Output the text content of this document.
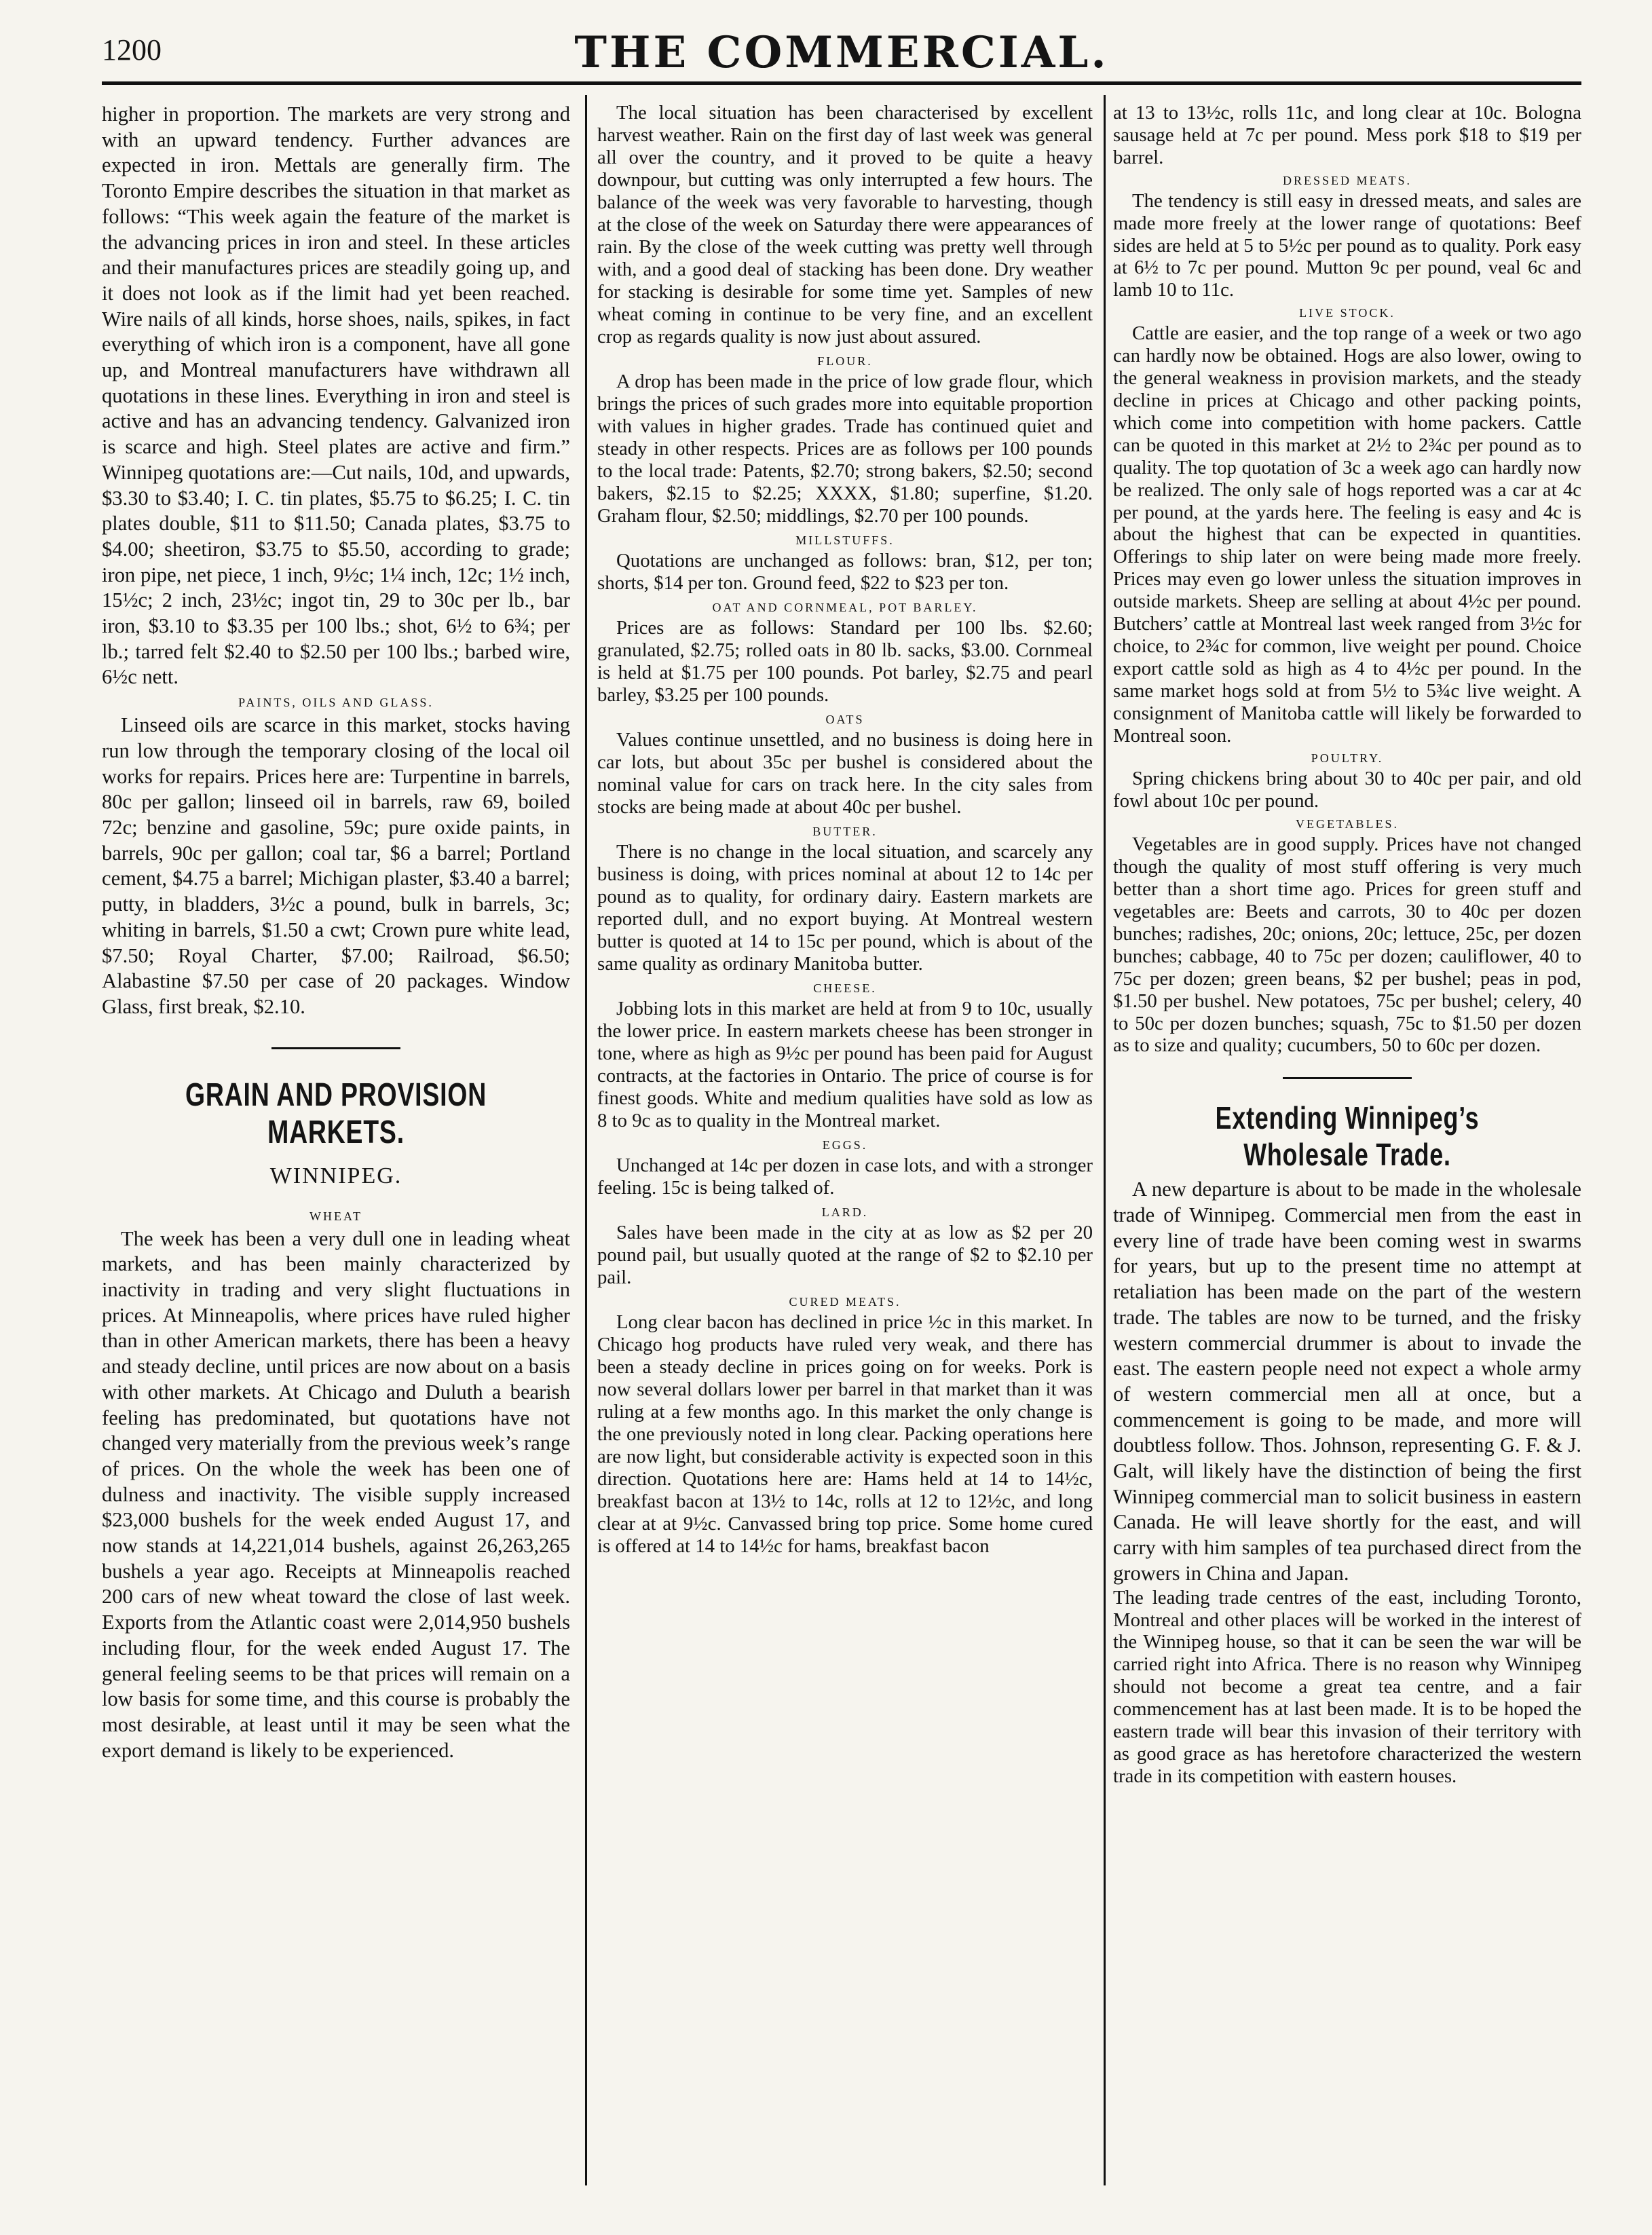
1200	THE COMMERCIAL.

higher in proportion. The markets are very strong and with an upward tendency. Further advances are expected in iron. Mettals are generally firm. The Toronto Empire describes the situation in that market as follows: “This week again the feature of the market is the advancing prices in iron and steel. In these articles and their manufactures prices are steadily going up, and it does not look as if the limit had yet been reached. Wire nails of all kinds, horse shoes, nails, spikes, in fact everything of which iron is a component, have all gone up, and Montreal manufacturers have withdrawn all quotations in these lines. Everything in iron and steel is active and has an advancing tendency. Galvanized iron is scarce and high. Steel plates are active and firm.” Winnipeg quotations are:—Cut nails, 10d, and upwards, $3.30 to $3.40; I. C. tin plates, $5.75 to $6.25; I. C. tin plates double, $11 to $11.50; Canada plates, $3.75 to $4.00; sheetiron, $3.75 to $5.50, according to grade; iron pipe, net piece, 1 inch, 9½c; 1¼ inch, 12c; 1½ inch, 15½c; 2 inch, 23½c; ingot tin, 29 to 30c per lb., bar iron, $3.10 to $3.35 per 100 lbs.; shot, 6½ to 6¾; per lb.; tarred felt $2.40 to $2.50 per 100 lbs.; barbed wire, 6½c nett.

PAINTS, OILS AND GLASS.

Linseed oils are scarce in this market, stocks having run low through the temporary closing of the local oil works for repairs. Prices here are: Turpentine in barrels, 80c per gallon; linseed oil in barrels, raw 69, boiled 72c; benzine and gasoline, 59c; pure oxide paints, in barrels, 90c per gallon; coal tar, $6 a barrel; Portland cement, $4.75 a barrel; Michigan plaster, $3.40 a barrel; putty, in bladders, 3½c a pound, bulk in barrels, 3c; whiting in barrels, $1.50 a cwt; Crown pure white lead, $7.50; Royal Charter, $7.00; Railroad, $6.50; Alabastine $7.50 per case of 20 packages. Window Glass, first break, $2.10.

GRAIN AND PROVISION MARKETS.
WINNIPEG.
WHEAT

The week has been a very dull one in leading wheat markets, and has been mainly characterized by inactivity in trading and very slight fluctuations in prices. At Minneapolis, where prices have ruled higher than in other American markets, there has been a heavy and steady decline, until prices are now about on a basis with other markets. At Chicago and Duluth a bearish feeling has predominated, but quotations have not changed very materially from the previous week’s range of prices. On the whole the week has been one of dulness and inactivity. The visible supply increased $23,000 bushels for the week ended August 17, and now stands at 14,221,014 bushels, against 26,263,265 bushels a year ago. Receipts at Minneapolis reached 200 cars of new wheat toward the close of last week. Exports from the Atlantic coast were 2,014,950 bushels including flour, for the week ended August 17. The general feeling seems to be that prices will remain on a low basis for some time, and this course is probably the most desirable, at least until it may be seen what the export demand is likely to be experienced.

The local situation has been characterised by excellent harvest weather. Rain on the first day of last week was general all over the country, and it proved to be quite a heavy downpour, but cutting was only interrupted a few hours. The balance of the week was very favorable to harvesting, though at the close of the week on Saturday there were appearances of rain. By the close of the week cutting was pretty well through with, and a good deal of stacking has been done. Dry weather for stacking is desirable for some time yet. Samples of new wheat coming in continue to be very fine, and an excellent crop as regards quality is now just about assured.

FLOUR.

A drop has been made in the price of low grade flour, which brings the prices of such grades more into equitable proportion with values in higher grades. Trade has continued quiet and steady in other respects. Prices are as follows per 100 pounds to the local trade: Patents, $2.70; strong bakers, $2.50; second bakers, $2.15 to $2.25; XXXX, $1.80; superfine, $1.20. Graham flour, $2.50; middlings, $2.70 per 100 pounds.

MILLSTUFFS.

Quotations are unchanged as follows: bran, $12, per ton; shorts, $14 per ton. Ground feed, $22 to $23 per ton.

OAT AND CORNMEAL, POT BARLEY.

Prices are as follows: Standard per 100 lbs. $2.60; granulated, $2.75; rolled oats in 80 lb. sacks, $3.00. Cornmeal is held at $1.75 per 100 pounds. Pot barley, $2.75 and pearl barley, $3.25 per 100 pounds.

OATS

Values continue unsettled, and no business is doing here in car lots, but about 35c per bushel is considered about the nominal value for cars on track here. In the city sales from stocks are being made at about 40c per bushel.

BUTTER.

There is no change in the local situation, and scarcely any business is doing, with prices nominal at about 12 to 14c per pound as to quality, for ordinary dairy. Eastern markets are reported dull, and no export buying. At Montreal western butter is quoted at 14 to 15c per pound, which is about of the same quality as ordinary Manitoba butter.

CHEESE.

Jobbing lots in this market are held at from 9 to 10c, usually the lower price. In eastern markets cheese has been stronger in tone, where as high as 9½c per pound has been paid for August contracts, at the factories in Ontario. The price of course is for finest goods. White and medium qualities have sold as low as 8 to 9c as to quality in the Montreal market.

EGGS.

Unchanged at 14c per dozen in case lots, and with a stronger feeling. 15c is being talked of.

LARD.

Sales have been made in the city at as low as $2 per 20 pound pail, but usually quoted at the range of $2 to $2.10 per pail.

CURED MEATS.

Long clear bacon has declined in price ½c in this market. In Chicago hog products have ruled very weak, and there has been a steady decline in prices going on for weeks. Pork is now several dollars lower per barrel in that market than it was ruling at a few months ago. In this market the only change is the one previously noted in long clear. Packing operations here are now light, but considerable activity is expected soon in this direction. Quotations here are: Hams held at 14 to 14½c, breakfast bacon at 13½ to 14c, rolls at 12 to 12½c, and long clear at at 9½c. Canvassed bring top price. Some home cured is offered at 14 to 14½c for hams, breakfast bacon

at 13 to 13½c, rolls 11c, and long clear at 10c. Bologna sausage held at 7c per pound. Mess pork $18 to $19 per barrel.

DRESSED MEATS.

The tendency is still easy in dressed meats, and sales are made more freely at the lower range of quotations: Beef sides are held at 5 to 5½c per pound as to quality. Pork easy at 6½ to 7c per pound. Mutton 9c per pound, veal 6c and lamb 10 to 11c.

LIVE STOCK.

Cattle are easier, and the top range of a week or two ago can hardly now be obtained. Hogs are also lower, owing to the general weakness in provision markets, and the steady decline in prices at Chicago and other packing points, which come into competition with home packers. Cattle can be quoted in this market at 2½ to 2¾c per pound as to quality. The top quotation of 3c a week ago can hardly now be realized. The only sale of hogs reported was a car at 4c per pound, at the yards here. The feeling is easy and 4c is about the highest that can be expected in quantities. Offerings to ship later on were being made more freely. Prices may even go lower unless the situation improves in outside markets. Sheep are selling at about 4½c per pound. Butchers’ cattle at Montreal last week ranged from 3½c for choice, to 2¾c for common, live weight per pound. Choice export cattle sold as high as 4 to 4½c per pound. In the same market hogs sold at from 5½ to 5¾c live weight. A consignment of Manitoba cattle will likely be forwarded to Montreal soon.

POULTRY.

Spring chickens bring about 30 to 40c per pair, and old fowl about 10c per pound.

VEGETABLES.

Vegetables are in good supply. Prices have not changed though the quality of most stuff offering is very much better than a short time ago. Prices for green stuff and vegetables are: Beets and carrots, 30 to 40c per dozen bunches; radishes, 20c; onions, 20c; lettuce, 25c, per dozen bunches; cabbage, 40 to 75c per dozen; cauliflower, 40 to 75c per dozen; green beans, $2 per bushel; peas in pod, $1.50 per bushel. New potatoes, 75c per bushel; celery, 40 to 50c per dozen bunches; squash, 75c to $1.50 per dozen as to size and quality; cucumbers, 50 to 60c per dozen.

Extending Winnipeg’s Wholesale Trade.

A new departure is about to be made in the wholesale trade of Winnipeg. Commercial men from the east in every line of trade have been coming west in swarms for years, but up to the present time no attempt at retaliation has been made on the part of the western trade. The tables are now to be turned, and the frisky western commercial drummer is about to invade the east. The eastern people need not expect a whole army of western commercial men all at once, but a commencement is going to be made, and more will doubtless follow. Thos. Johnson, representing G. F. & J. Galt, will likely have the distinction of being the first Winnipeg commercial man to solicit business in eastern Canada. He will leave shortly for the east, and will carry with him samples of tea purchased direct from the growers in China and Japan.

The leading trade centres of the east, including Toronto, Montreal and other places will be worked in the interest of the Winnipeg house, so that it can be seen the war will be carried right into Africa. There is no reason why Winnipeg should not become a great tea centre, and a fair commencement has at last been made. It is to be hoped the eastern trade will bear this invasion of their territory with as good grace as has heretofore characterized the western trade in its competition with eastern houses.
